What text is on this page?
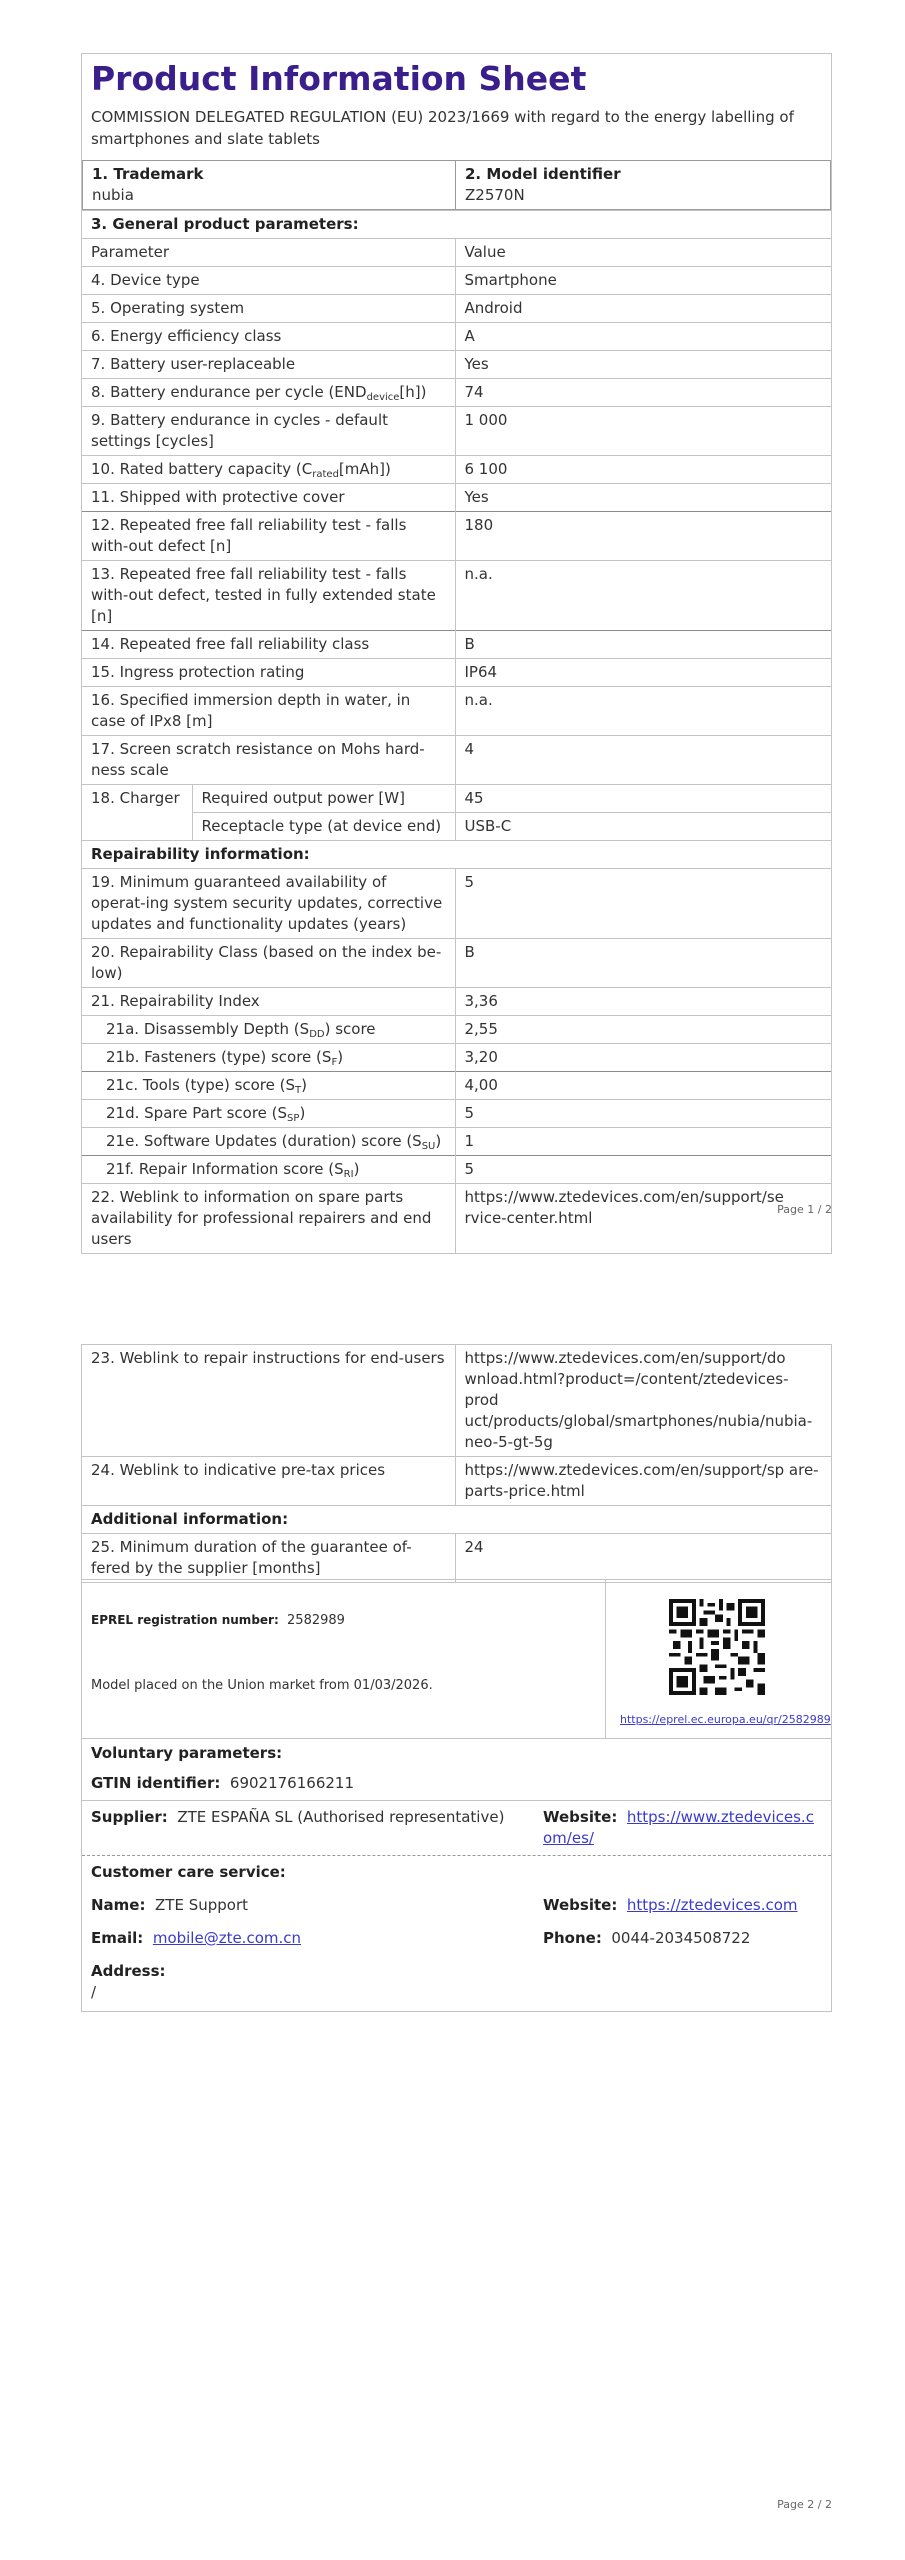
Product Information Sheet
COMMISSION DELEGATED REGULATION (EU) 2023/1669 with regard to the energy labelling of smartphones and slate tablets
1. Trademark
nubia

2. Model identifier
Z2570N
3. General product parameters:		
Parameter		Value
4. Device type		Smartphone
5. Operating system		Android
6. Energy efficiency class		A
7. Battery user-replaceable		Yes
8. Battery endurance per cycle $(END_{device}[h])$		74
9. Battery endurance in cycles - default settings [cycles]		1 000
10. Rated battery capacity $(C_{rated}[mAh])$		6 100
11. Shipped with protective cover		Yes
12. Repeated free fall reliability test - falls with-out defect [n]		180
13. Repeated free fall reliability test - falls with-out defect, tested in fully extended state [n]		n.a.
14. Repeated free fall reliability class		B
15. Ingress protection rating		IP64
16. Specified immersion depth in water, in case of IPx8 [m]		n.a.
17. Screen scratch resistance on Mohs hard-ness scale		4
18. Charger	Required output power [W]	45
	Receptacle type (at device end)	USB-C
Repairability information:		
19. Minimum guaranteed availability of operat-ing system security updates, corrective updates and functionality updates (years)		5
20. Repairability Class (based on the index be-low)		B
21. Repairability Index		3,36
21a. Disassembly Depth $(S_{DD})$ score		2,55
21b. Fasteners (type) score $(S_F)$		3,20
21c. Tools (type) score $(S_T)$		4,00
21d. Spare Part score $(S_{SP})$		5
21e. Software Updates (duration) score $(S_{SU})$		1
21f. Repair Information score $(S_{RI})$		5
22. Weblink to information on spare parts availability for professional repairers and end users		https://www.ztedevices.com/en/support/se rvice-center.html	Page 1 / 2
23. Weblink to repair instructions for end-users	https://www.ztedevices.com/en/support/do wnload.html?product=/content/ztedevices-prod uct/products/global/smartphones/nubia/nubia-neo-5-gt-5g
24. Weblink to indicative pre-tax prices	https://www.ztedevices.com/en/support/sp are-parts-price.html
Additional information:	
25. Minimum duration of the guarantee of-fered by the supplier [months]	24
EPREL registration number: 2582989
Model placed on the Union market from 01/03/2026.
https://eprel.ec.europa.eu/qr/2582989
Voluntary parameters:
GTIN identifier: 6902176166211
Supplier: ZTE ESPAÑA SL (Authorised representative)	Website: https://www.ztedevices.com/es/
Customer care service:
Name: ZTE Support	Website: https://ztedevices.com
Email: mobile@zte.com.cn	Phone: 0044-2034508722
Address:
/
Page 2 / 2
